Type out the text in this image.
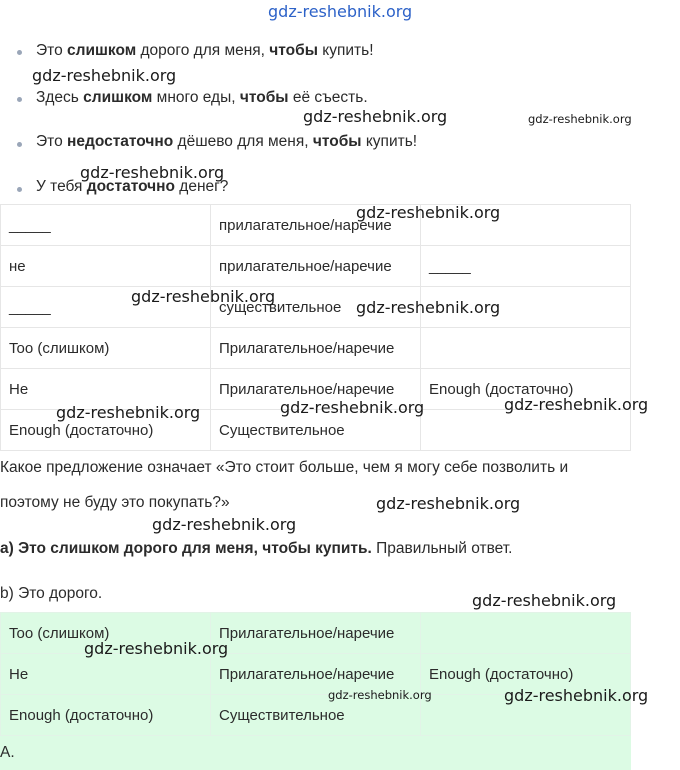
gdz-reshebnik.org
Это слишком дорого для меня, чтобы купить!
Здесь слишком много еды, чтобы её съесть.
Это недостаточно дёшево для меня, чтобы купить!
У тебя достаточно денег?
_____	прилагательное/наречие	
не	прилагательное/наречие	_____
_____	существительное	
Too (слишком)	Прилагательное/наречие	
He	Прилагательное/наречие	Enough (достаточно)
Enough (достаточно)	Существительное	
Какое предложение означает «Это стоит больше, чем я могу себе позволить и
поэтому не буду это покупать?»
a) Это слишком дорого для меня, чтобы купить. Правильный ответ.
b) Это дорого.
Too (слишком)	Прилагательное/наречие	
He	Прилагательное/наречие	Enough (достаточно)
Enough (достаточно)	Существительное	
A.
gdz-reshebnik.org
gdz-reshebnik.org	gdz-reshebnik.org
gdz-reshebnik.org
gdz-reshebnik.org
gdz-reshebnik.org
gdz-reshebnik.org
gdz-reshebnik.org	gdz-reshebnik.org	gdz-reshebnik.org
gdz-reshebnik.org
gdz-reshebnik.org
gdz-reshebnik.org
gdz-reshebnik.org
gdz-reshebnik.org	gdz-reshebnik.org
